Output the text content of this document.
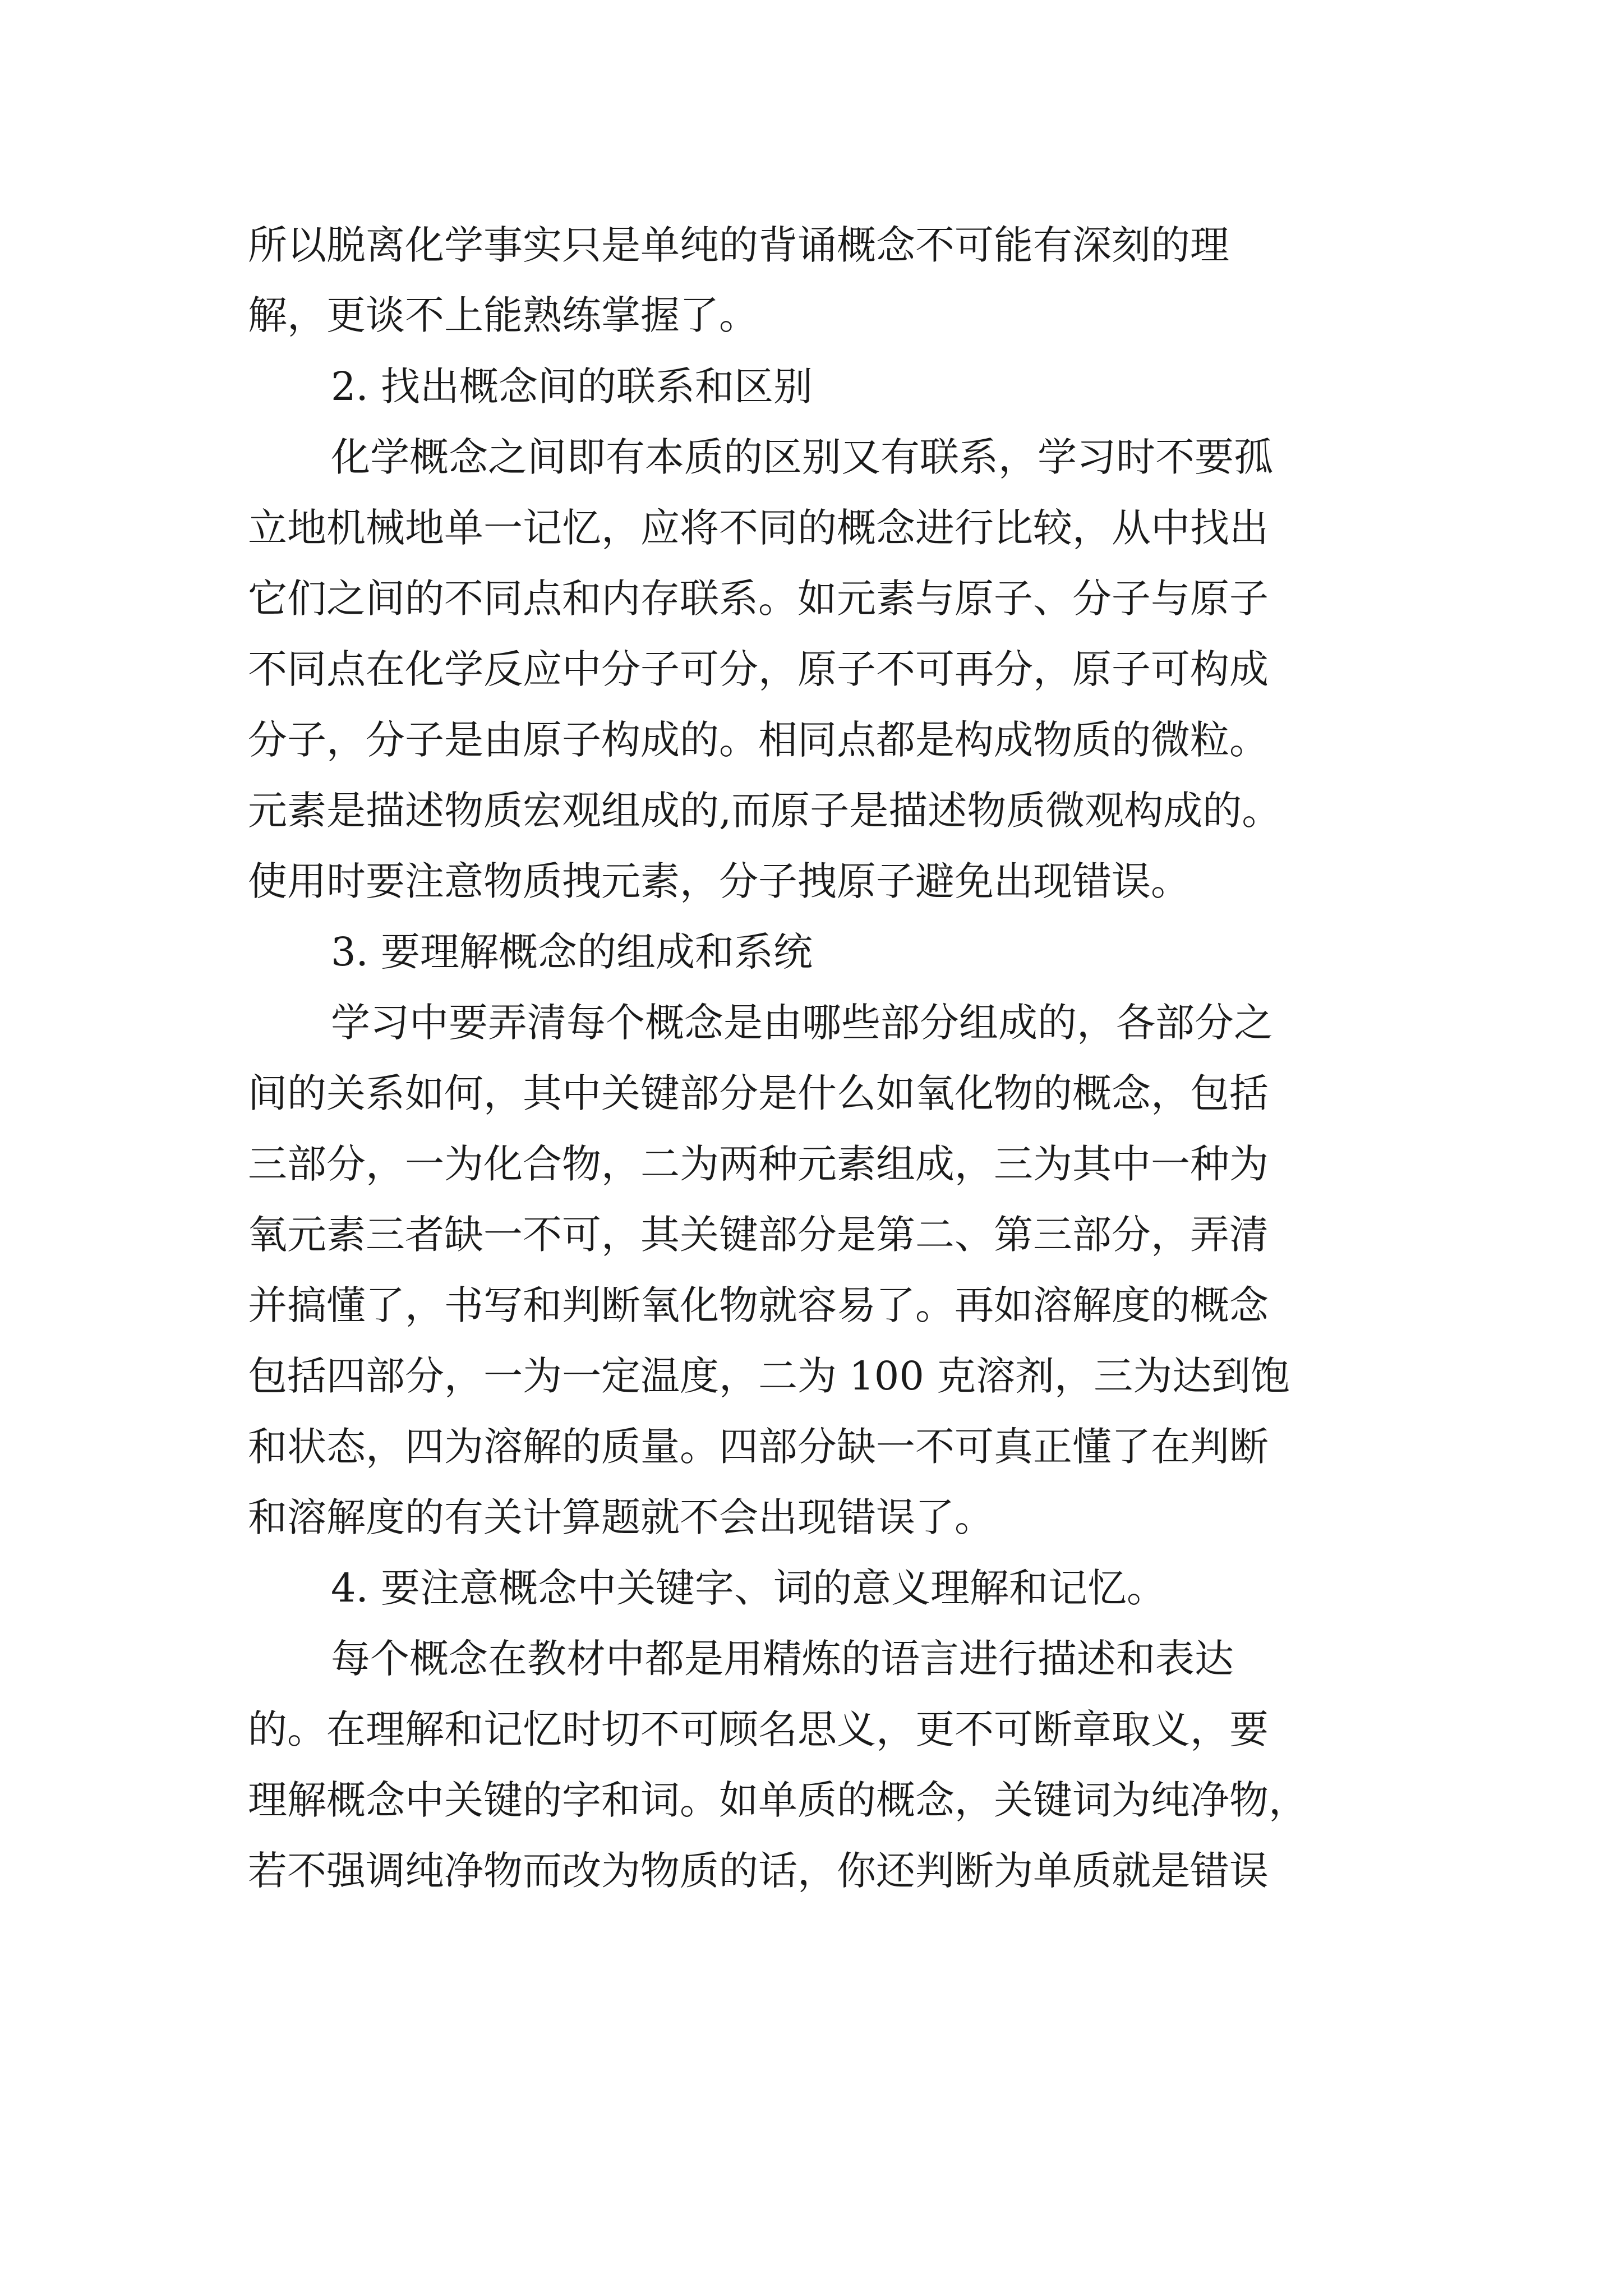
所以脱离化学事实只是单纯的背诵概念不可能有深刻的理
解，更谈不上能熟练掌握了。
2. 找出概念间的联系和区别
化学概念之间即有本质的区别又有联系，学习时不要孤
立地机械地单一记忆，应将不同的概念进行比较，从中找出
它们之间的不同点和内存联系。如元素与原子、分子与原子
不同点在化学反应中分子可分，原子不可再分，原子可构成
分子，分子是由原子构成的。相同点都是构成物质的微粒。
元素是描述物质宏观组成的,而原子是描述物质微观构成的。
使用时要注意物质拽元素，分子拽原子避免出现错误。
3. 要理解概念的组成和系统
学习中要弄清每个概念是由哪些部分组成的，各部分之
间的关系如何，其中关键部分是什么如氧化物的概念，包括
三部分，一为化合物，二为两种元素组成，三为其中一种为
氧元素三者缺一不可，其关键部分是第二、第三部分，弄清
并搞懂了，书写和判断氧化物就容易了。再如溶解度的概念
包括四部分，一为一定温度，二为 100 克溶剂，三为达到饱
和状态，四为溶解的质量。四部分缺一不可真正懂了在判断
和溶解度的有关计算题就不会出现错误了。
4. 要注意概念中关键字、词的意义理解和记忆。
每个概念在教材中都是用精炼的语言进行描述和表达
的。在理解和记忆时切不可顾名思义，更不可断章取义，要
理解概念中关键的字和词。如单质的概念，关键词为纯净物，
若不强调纯净物而改为物质的话，你还判断为单质就是错误
